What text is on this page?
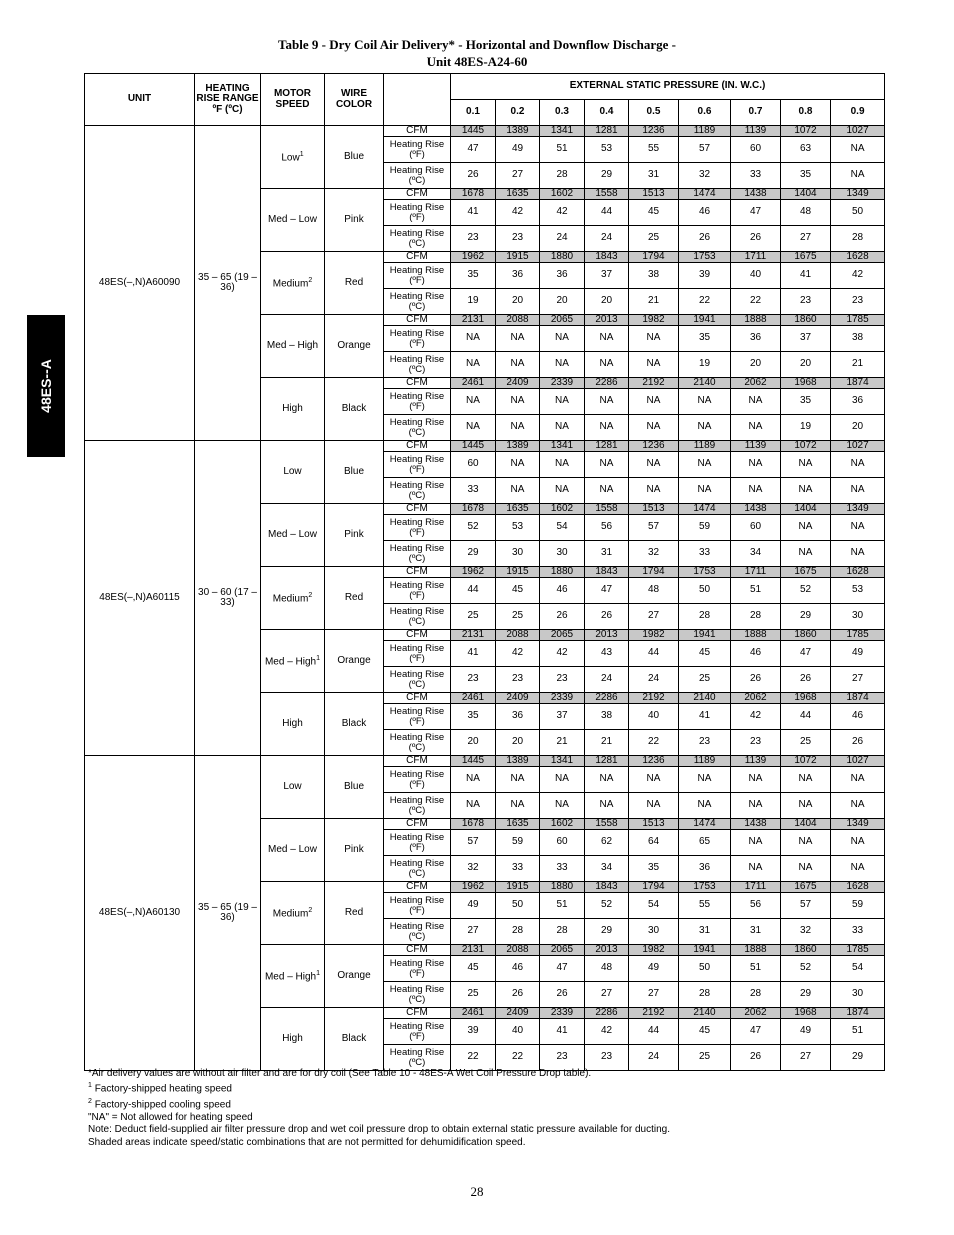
Table 9 - Dry Coil Air Delivery* - Horizontal and Downflow Discharge -
Unit 48ES-A24-60
48ES--A
UNIT	HEATING RISE RANGE ºF (ºC)	MOTOR SPEED	WIRE COLOR		EXTERNAL STATIC PRESSURE (IN. W.C.)								
					0.1	0.2	0.3	0.4	0.5	0.6	0.7	0.8	0.9
48ES(–,N)A60090	35 – 65 (19 – 36)	Low$^1$	Blue	CFM	1445	1389	1341	1281	1236	1189	1139	1072	1027
				Heating Rise (ºF)	47	49	51	53	55	57	60	63	NA
				Heating Rise (ºC)	26	27	28	29	31	32	33	35	NA
		Med – Low	Pink	CFM	1678	1635	1602	1558	1513	1474	1438	1404	1349
				Heating Rise (ºF)	41	42	42	44	45	46	47	48	50
				Heating Rise (ºC)	23	23	24	24	25	26	26	27	28
		Medium$^2$	Red	CFM	1962	1915	1880	1843	1794	1753	1711	1675	1628
				Heating Rise (ºF)	35	36	36	37	38	39	40	41	42
				Heating Rise (ºC)	19	20	20	20	21	22	22	23	23
		Med – High	Orange	CFM	2131	2088	2065	2013	1982	1941	1888	1860	1785
				Heating Rise (ºF)	NA	NA	NA	NA	NA	35	36	37	38
				Heating Rise (ºC)	NA	NA	NA	NA	NA	19	20	20	21
		High	Black	CFM	2461	2409	2339	2286	2192	2140	2062	1968	1874
				Heating Rise (ºF)	NA	NA	NA	NA	NA	NA	NA	35	36
				Heating Rise (ºC)	NA	NA	NA	NA	NA	NA	NA	19	20
48ES(–,N)A60115	30 – 60 (17 – 33)	Low	Blue	CFM	1445	1389	1341	1281	1236	1189	1139	1072	1027
				Heating Rise (ºF)	60	NA	NA	NA	NA	NA	NA	NA	NA
				Heating Rise (ºC)	33	NA	NA	NA	NA	NA	NA	NA	NA
		Med – Low	Pink	CFM	1678	1635	1602	1558	1513	1474	1438	1404	1349
				Heating Rise (ºF)	52	53	54	56	57	59	60	NA	NA
				Heating Rise (ºC)	29	30	30	31	32	33	34	NA	NA
		Medium$^2$	Red	CFM	1962	1915	1880	1843	1794	1753	1711	1675	1628
				Heating Rise (ºF)	44	45	46	47	48	50	51	52	53
				Heating Rise (ºC)	25	25	26	26	27	28	28	29	30
		Med – High$^1$	Orange	CFM	2131	2088	2065	2013	1982	1941	1888	1860	1785
				Heating Rise (ºF)	41	42	42	43	44	45	46	47	49
				Heating Rise (ºC)	23	23	23	24	24	25	26	26	27
		High	Black	CFM	2461	2409	2339	2286	2192	2140	2062	1968	1874
				Heating Rise (ºF)	35	36	37	38	40	41	42	44	46
				Heating Rise (ºC)	20	20	21	21	22	23	23	25	26
48ES(–,N)A60130	35 – 65 (19 – 36)	Low	Blue	CFM	1445	1389	1341	1281	1236	1189	1139	1072	1027
				Heating Rise (ºF)	NA	NA	NA	NA	NA	NA	NA	NA	NA
				Heating Rise (ºC)	NA	NA	NA	NA	NA	NA	NA	NA	NA
		Med – Low	Pink	CFM	1678	1635	1602	1558	1513	1474	1438	1404	1349
				Heating Rise (ºF)	57	59	60	62	64	65	NA	NA	NA
				Heating Rise (ºC)	32	33	33	34	35	36	NA	NA	NA
		Medium$^2$	Red	CFM	1962	1915	1880	1843	1794	1753	1711	1675	1628
				Heating Rise (ºF)	49	50	51	52	54	55	56	57	59
				Heating Rise (ºC)	27	28	28	29	30	31	31	32	33
		Med – High$^1$	Orange	CFM	2131	2088	2065	2013	1982	1941	1888	1860	1785
				Heating Rise (ºF)	45	46	47	48	49	50	51	52	54
				Heating Rise (ºC)	25	26	26	27	27	28	28	29	30
		High	Black	CFM	2461	2409	2339	2286	2192	2140	2062	1968	1874
				Heating Rise (ºF)	39	40	41	42	44	45	47	49	51
				Heating Rise (ºC)	22	22	23	23	24	25	26	27	29
*Air delivery values are without air filter and are for dry coil (See Table 10 - 48ES-A Wet Coil Pressure Drop table).
$^1$ Factory-shipped heating speed
$^2$ Factory-shipped cooling speed
"NA" = Not allowed for heating speed
Note: Deduct field-supplied air filter pressure drop and wet coil pressure drop to obtain external static pressure available for ducting.
Shaded areas indicate speed/static combinations that are not permitted for dehumidification speed.
28
